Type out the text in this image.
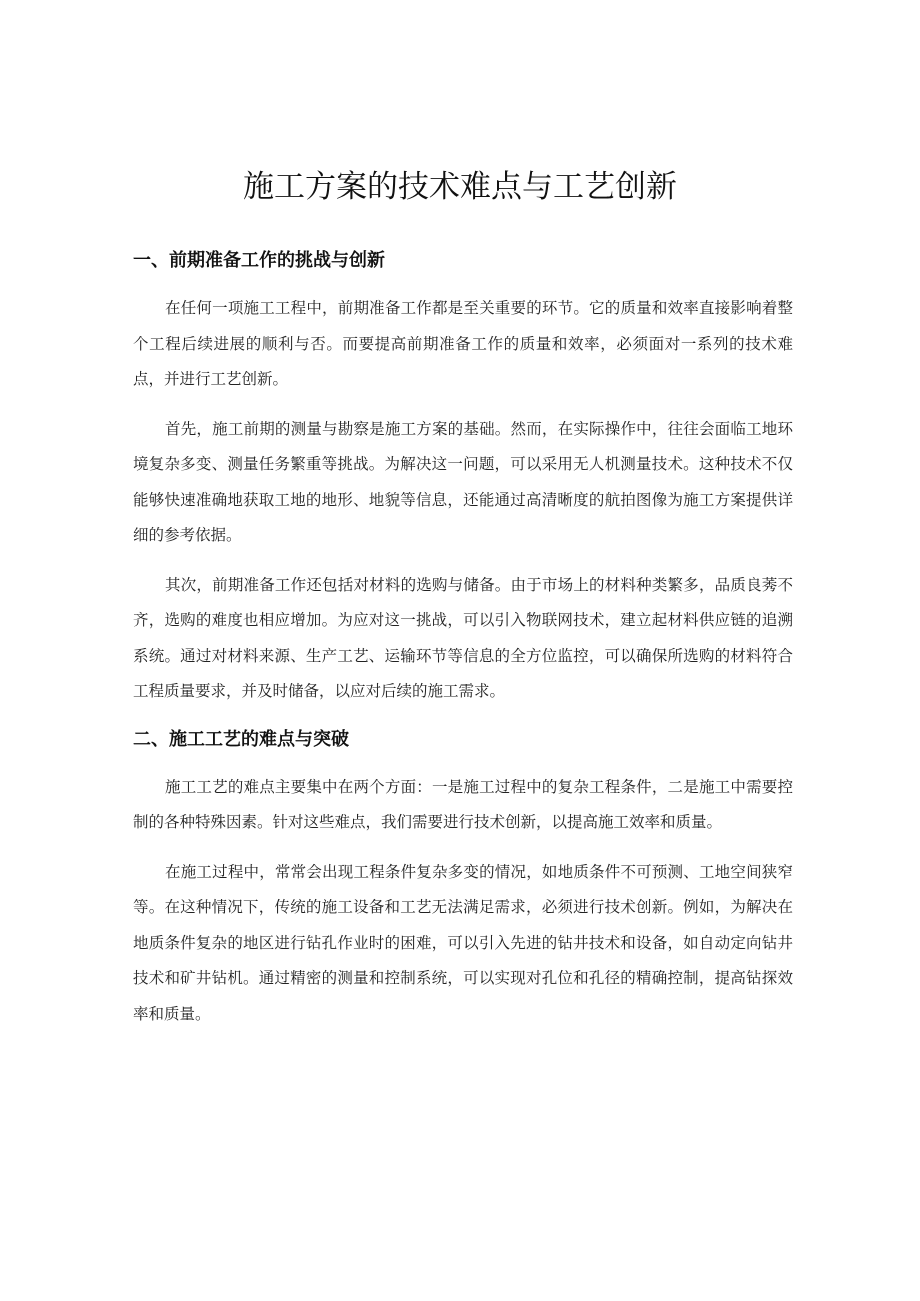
施工方案的技术难点与工艺创新
一、前期准备工作的挑战与创新

在任何一项施工工程中，前期准备工作都是至关重要的环节。它的质量和效率直接影响着整个工程后续进展的顺利与否。而要提高前期准备工作的质量和效率，必须面对一系列的技术难点，并进行工艺创新。

首先，施工前期的测量与勘察是施工方案的基础。然而，在实际操作中，往往会面临工地环境复杂多变、测量任务繁重等挑战。为解决这一问题，可以采用无人机测量技术。这种技术不仅能够快速准确地获取工地的地形、地貌等信息，还能通过高清晰度的航拍图像为施工方案提供详细的参考依据。

其次，前期准备工作还包括对材料的选购与储备。由于市场上的材料种类繁多，品质良莠不齐，选购的难度也相应增加。为应对这一挑战，可以引入物联网技术，建立起材料供应链的追溯系统。通过对材料来源、生产工艺、运输环节等信息的全方位监控，可以确保所选购的材料符合工程质量要求，并及时储备，以应对后续的施工需求。

二、施工工艺的难点与突破

施工工艺的难点主要集中在两个方面：一是施工过程中的复杂工程条件，二是施工中需要控制的各种特殊因素。针对这些难点，我们需要进行技术创新，以提高施工效率和质量。

在施工过程中，常常会出现工程条件复杂多变的情况，如地质条件不可预测、工地空间狭窄等。在这种情况下，传统的施工设备和工艺无法满足需求，必须进行技术创新。例如，为解决在地质条件复杂的地区进行钻孔作业时的困难，可以引入先进的钻井技术和设备，如自动定向钻井技术和矿井钻机。通过精密的测量和控制系统，可以实现对孔位和孔径的精确控制，提高钻探效率和质量。
